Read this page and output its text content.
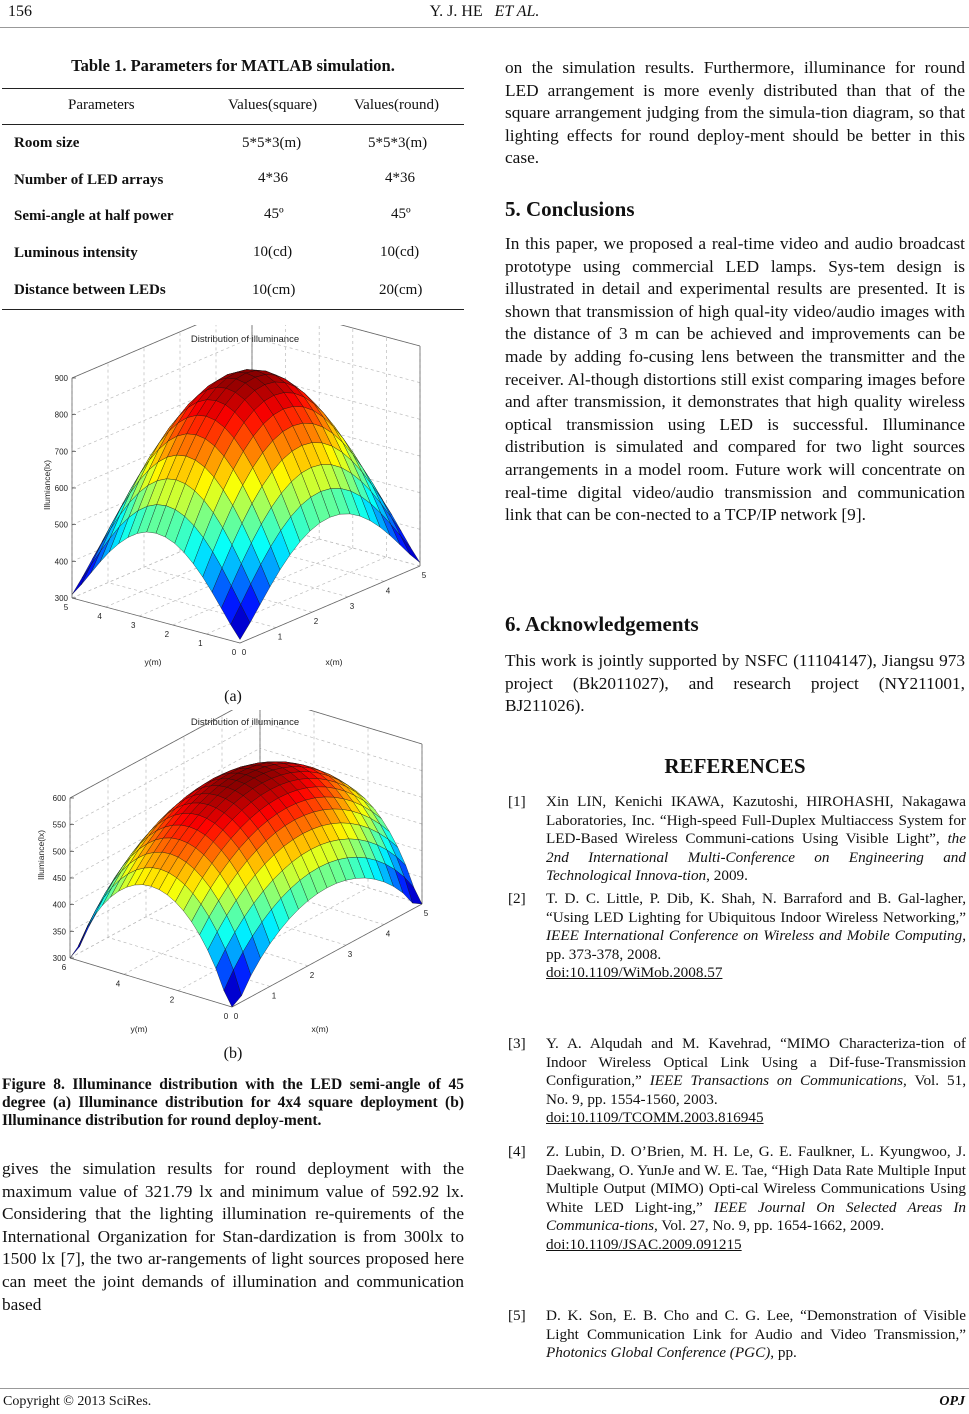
156	Y. J. HE ET AL.
Table 1. Parameters for MATLAB simulation.
Parameters	Values(square) Values(round)
Room size	5*5*3(m)	5*5*3(m)
Number of LED arrays	4*36	4*36
Semi-angle at half power	45º	45º
Luminous intensity	10(cd)	10(cd)
Distance between LEDs	10(cm)	20(cm)
Distribution of illuminance
300
400
500
600
700
800
900
0
1
2
3
4
5
0
1
2
3
4
5
Illumiance(lx)
x(m)
y(m)
(a)
Distribution of illuminance
300
350
400
450
500
550
600
0
1
2
3
4
5
0
2
4
6
Illumiance(lx)
x(m)
y(m)
(b)
Figure 8. Illuminance distribution with the LED semi-angle of 45 degree (a) Illuminance distribution for 4x4 square deployment (b) Illuminance distribution for round deploy-ment.
gives the simulation results for round deployment with the maximum value of 321.79 lx and minimum value of 592.92 lx. Considering that the lighting illumination re-quirements of the International Organization for Stan-dardization is from 300lx to 1500 lx [7], the two ar-rangements of light sources proposed here can meet the joint demands of illumination and communication based
on the simulation results. Furthermore, illuminance for round LED arrangement is more evenly distributed than that of the square arrangement judging from the simula-tion diagram, so that lighting effects for round deploy-ment should be better in this case.
5. Conclusions
In this paper, we proposed a real-time video and audio broadcast prototype using commercial LED lamps. Sys-tem design is illustrated in detail and experimental results are presented. It is shown that transmission of high qual-ity video/audio images with the distance of 3 m can be achieved and improvements can be made by adding fo-cusing lens between the transmitter and the receiver. Al-though distortions still exist comparing images before and after transmission, it demonstrates that high quality wireless optical transmission using LED is successful. Illuminance distribution is simulated and compared for two light sources arrangements in a model room. Future work will concentrate on real-time digital video/audio transmission and communication link that can be con-nected to a TCP/IP network [9].
6. Acknowledgements
This work is jointly supported by NSFC (11104147), Jiangsu 973 project (Bk2011027), and research project (NY211001, BJ211026).
REFERENCES
[1] Xin LIN, Kenichi IKAWA, Kazutoshi, HIROHASHI, Nakagawa Laboratories, Inc. “High-speed Full-Duplex Multiaccess System for LED-Based Wireless Communi-cations Using Visible Light”, the 2nd International Multi-Conference on Engineering and Technological Innova-tion, 2009.
[2] T. D. C. Little, P. Dib, K. Shah, N. Barraford and B. Gal-lagher, “Using LED Lighting for Ubiquitous Indoor Wireless Networking,” IEEE International Conference on Wireless and Mobile Computing, pp. 373-378, 2008.
doi:10.1109/WiMob.2008.57
[3] Y. A. Alqudah and M. Kavehrad, “MIMO Characteriza-tion of Indoor Wireless Optical Link Using a Dif-fuse-Transmission Configuration,” IEEE Transactions on Communications, Vol. 51, No. 9, pp. 1554-1560, 2003.
doi:10.1109/TCOMM.2003.816945
[4] Z. Lubin, D. O’Brien, M. H. Le, G. E. Faulkner, L. Kyungwoo, J. Daekwang, O. YunJe and W. E. Tae, “High Data Rate Multiple Input Multiple Output (MIMO) Opti-cal Wireless Communications Using White LED Light-ing,” IEEE Journal On Selected Areas In Communica-tions, Vol. 27, No. 9, pp. 1654-1662, 2009.
doi:10.1109/JSAC.2009.091215
[5] D. K. Son, E. B. Cho and C. G. Lee, “Demonstration of Visible Light Communication Link for Audio and Video Transmission,” Photonics Global Conference (PGC), pp.
Copyright © 2013 SciRes.	OPJ
